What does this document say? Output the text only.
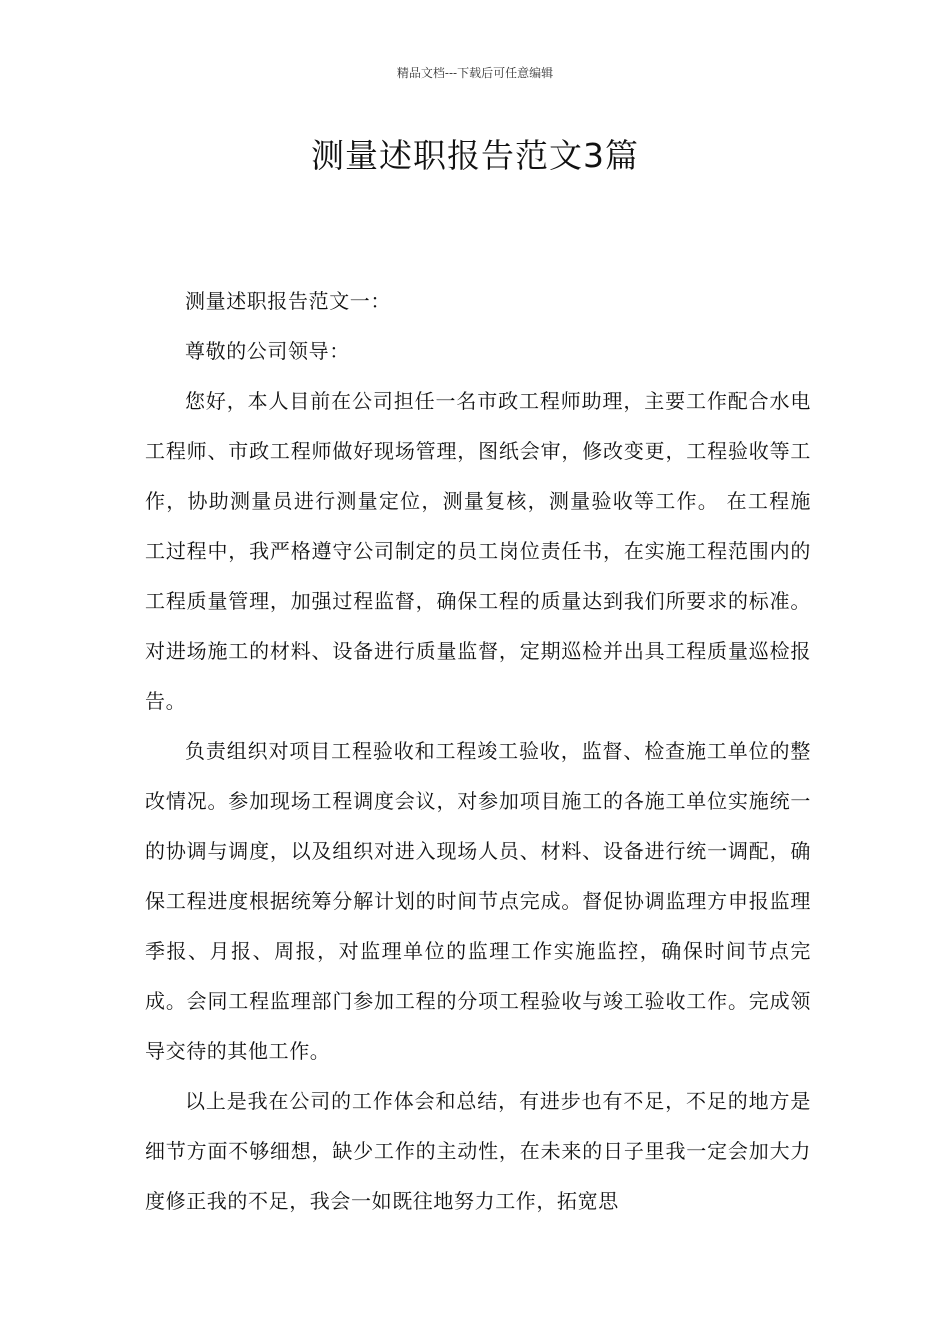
精品文档---下载后可任意编辑
测量述职报告范文3篇

测量述职报告范文一：

尊敬的公司领导：

您好，本人目前在公司担任一名市政工程师助理，主要工作配合水电工程师、市政工程师做好现场管理，图纸会审，修改变更，工程验收等工作，协助测量员进行测量定位，测量复核，测量验收等工作。 在工程施工过程中，我严格遵守公司制定的员工岗位责任书，在实施工程范围内的工程质量管理，加强过程监督，确保工程的质量达到我们所要求的标准。对进场施工的材料、设备进行质量监督，定期巡检并出具工程质量巡检报告。

负责组织对项目工程验收和工程竣工验收，监督、检查施工单位的整改情况。参加现场工程调度会议，对参加项目施工的各施工单位实施统一的协调与调度，以及组织对进入现场人员、材料、设备进行统一调配，确保工程进度根据统筹分解计划的时间节点完成。督促协调监理方申报监理季报、月报、周报，对监理单位的监理工作实施监控，确保时间节点完成。会同工程监理部门参加工程的分项工程验收与竣工验收工作。完成领导交待的其他工作。

以上是我在公司的工作体会和总结，有进步也有不足，不足的地方是细节方面不够细想，缺少工作的主动性，在未来的日子里我一定会加大力度修正我的不足，我会一如既往地努力工作，拓宽思
